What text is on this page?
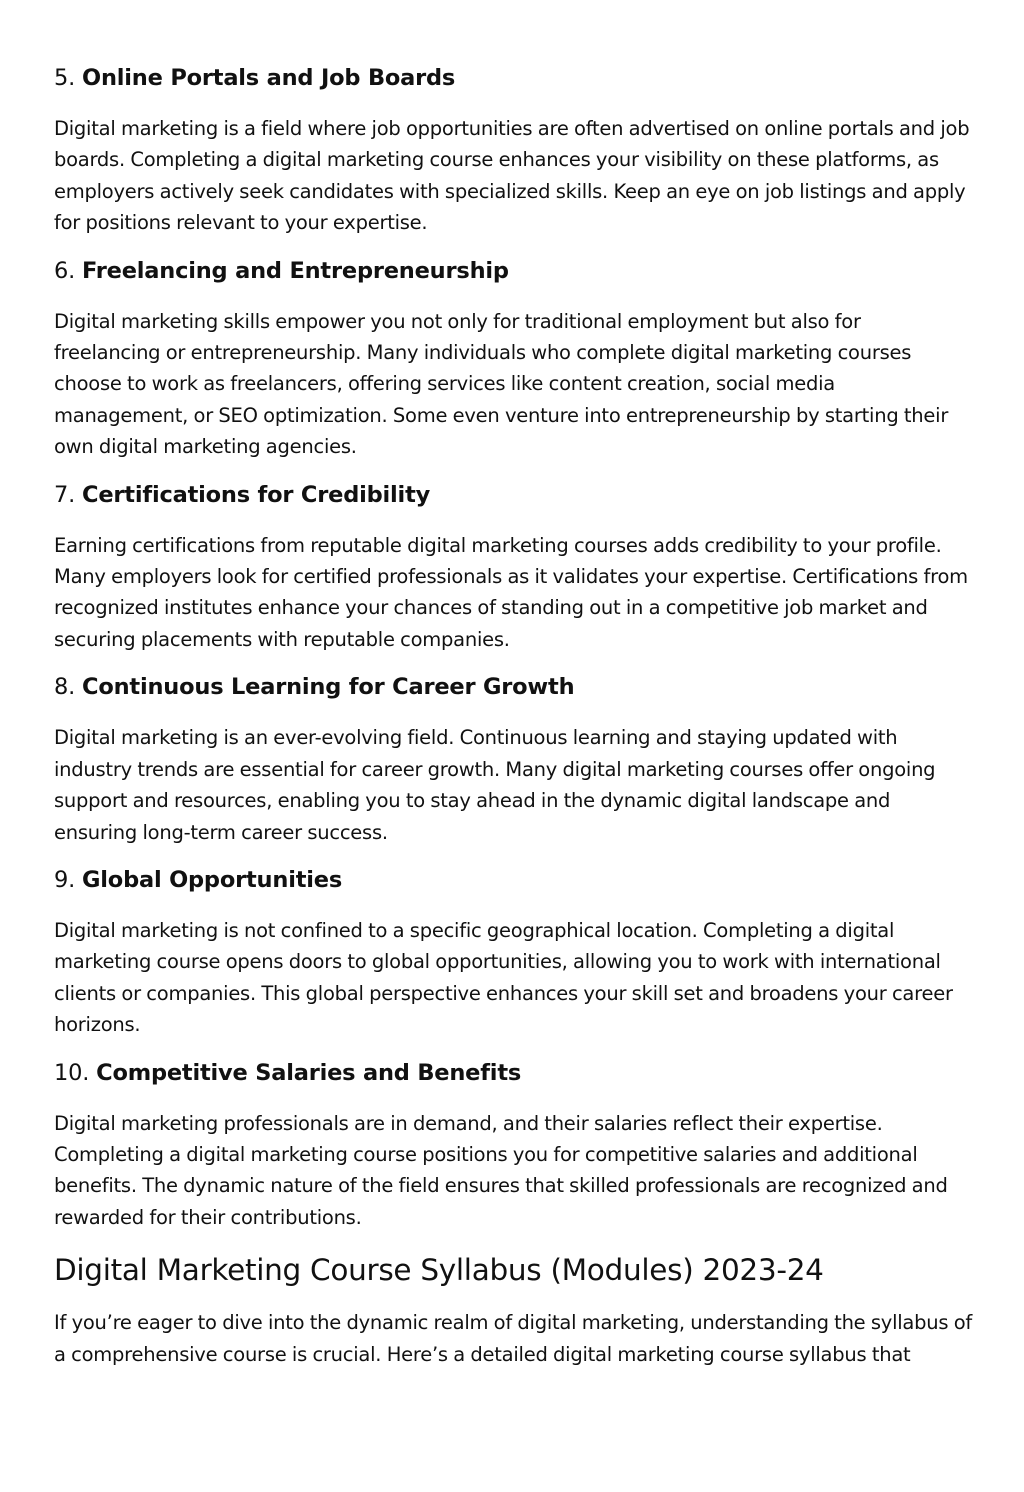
5. Online Portals and Job Boards

Digital marketing is a field where job opportunities are often advertised on online portals and job boards. Completing a digital marketing course enhances your visibility on these platforms, as employers actively seek candidates with specialized skills. Keep an eye on job listings and apply for positions relevant to your expertise.

6. Freelancing and Entrepreneurship

Digital marketing skills empower you not only for traditional employment but also for freelancing or entrepreneurship. Many individuals who complete digital marketing courses choose to work as freelancers, offering services like content creation, social media management, or SEO optimization. Some even venture into entrepreneurship by starting their own digital marketing agencies.

7. Certifications for Credibility

Earning certifications from reputable digital marketing courses adds credibility to your profile. Many employers look for certified professionals as it validates your expertise. Certifications from recognized institutes enhance your chances of standing out in a competitive job market and securing placements with reputable companies.

8. Continuous Learning for Career Growth

Digital marketing is an ever-evolving field. Continuous learning and staying updated with industry trends are essential for career growth. Many digital marketing courses offer ongoing support and resources, enabling you to stay ahead in the dynamic digital landscape and ensuring long-term career success.

9. Global Opportunities

Digital marketing is not confined to a specific geographical location. Completing a digital marketing course opens doors to global opportunities, allowing you to work with international clients or companies. This global perspective enhances your skill set and broadens your career horizons.

10. Competitive Salaries and Benefits

Digital marketing professionals are in demand, and their salaries reflect their expertise. Completing a digital marketing course positions you for competitive salaries and additional benefits. The dynamic nature of the field ensures that skilled professionals are recognized and rewarded for their contributions.

Digital Marketing Course Syllabus (Modules) 2023-24

If you’re eager to dive into the dynamic realm of digital marketing, understanding the syllabus of a comprehensive course is crucial. Here’s a detailed digital marketing course syllabus that
